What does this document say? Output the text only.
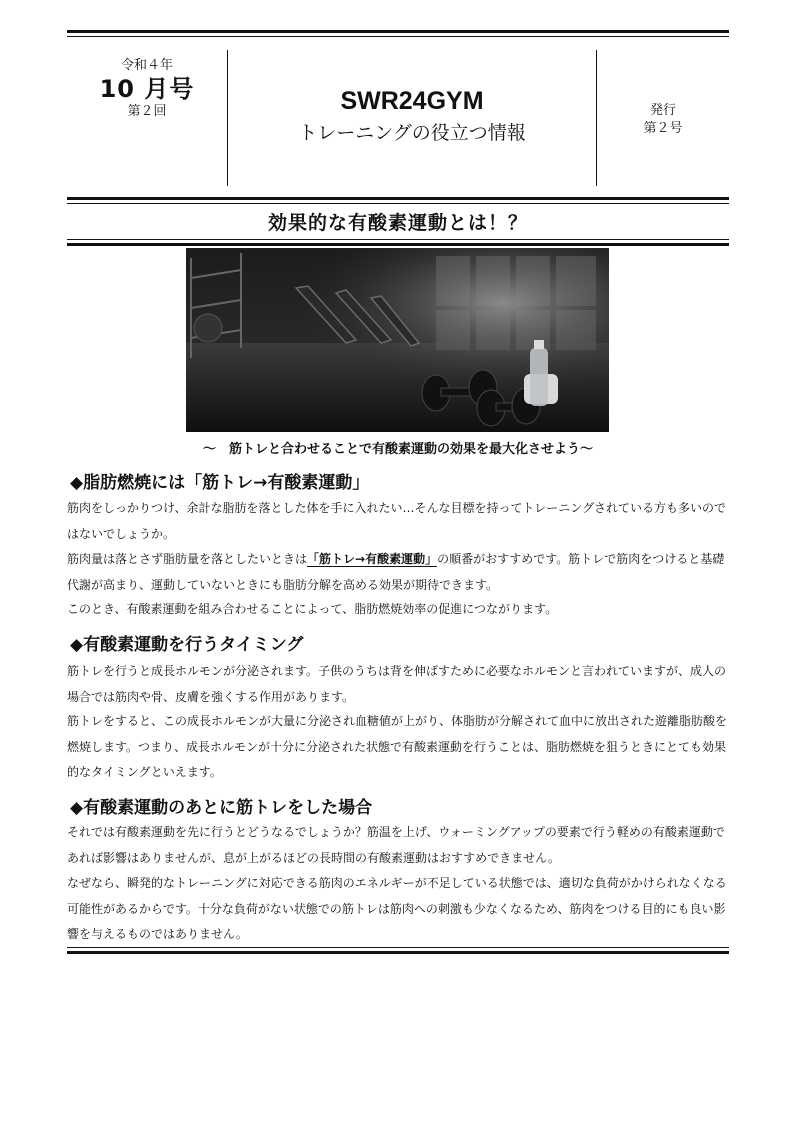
令和４年
10 月号
第２回	SWR24GYM
トレーニングの役立つ情報
発行
第２号
効果的な有酸素運動とは！？
～　筋トレと合わせることで有酸素運動の効果を最大化させよう～
◆脂肪燃焼には「筋トレ→有酸素運動」

筋肉をしっかりつけ、余計な脂肪を落とした体を手に入れたい…そんな目標を持ってトレーニングされている方も多いのではないでしょうか。

筋肉量は落とさず脂肪量を落としたいときは「筋トレ→有酸素運動」の順番がおすすめです。筋トレで筋肉をつけると基礎代謝が高まり、運動していないときにも脂肪分解を高める効果が期待できます。

このとき、有酸素運動を組み合わせることによって、脂肪燃焼効率の促進につながります。

◆有酸素運動を行うタイミング

筋トレを行うと成長ホルモンが分泌されます。子供のうちは背を伸ばすために必要なホルモンと言われていますが、成人の場合では筋肉や骨、皮膚を強くする作用があります。

筋トレをすると、この成長ホルモンが大量に分泌され血糖値が上がり、体脂肪が分解されて血中に放出された遊離脂肪酸を燃焼します。つまり、成長ホルモンが十分に分泌された状態で有酸素運動を行うことは、脂肪燃焼を狙うときにとても効果的なタイミングといえます。

◆有酸素運動のあとに筋トレをした場合

それでは有酸素運動を先に行うとどうなるでしょうか？筋温を上げ、ウォーミングアップの要素で行う軽めの有酸素運動であれば影響はありませんが、息が上がるほどの長時間の有酸素運動はおすすめできません。

なぜなら、瞬発的なトレーニングに対応できる筋肉のエネルギーが不足している状態では、適切な負荷がかけられなくなる可能性があるからです。十分な負荷がない状態での筋トレは筋肉への刺激も少なくなるため、筋肉をつける目的にも良い影響を与えるものではありません。
